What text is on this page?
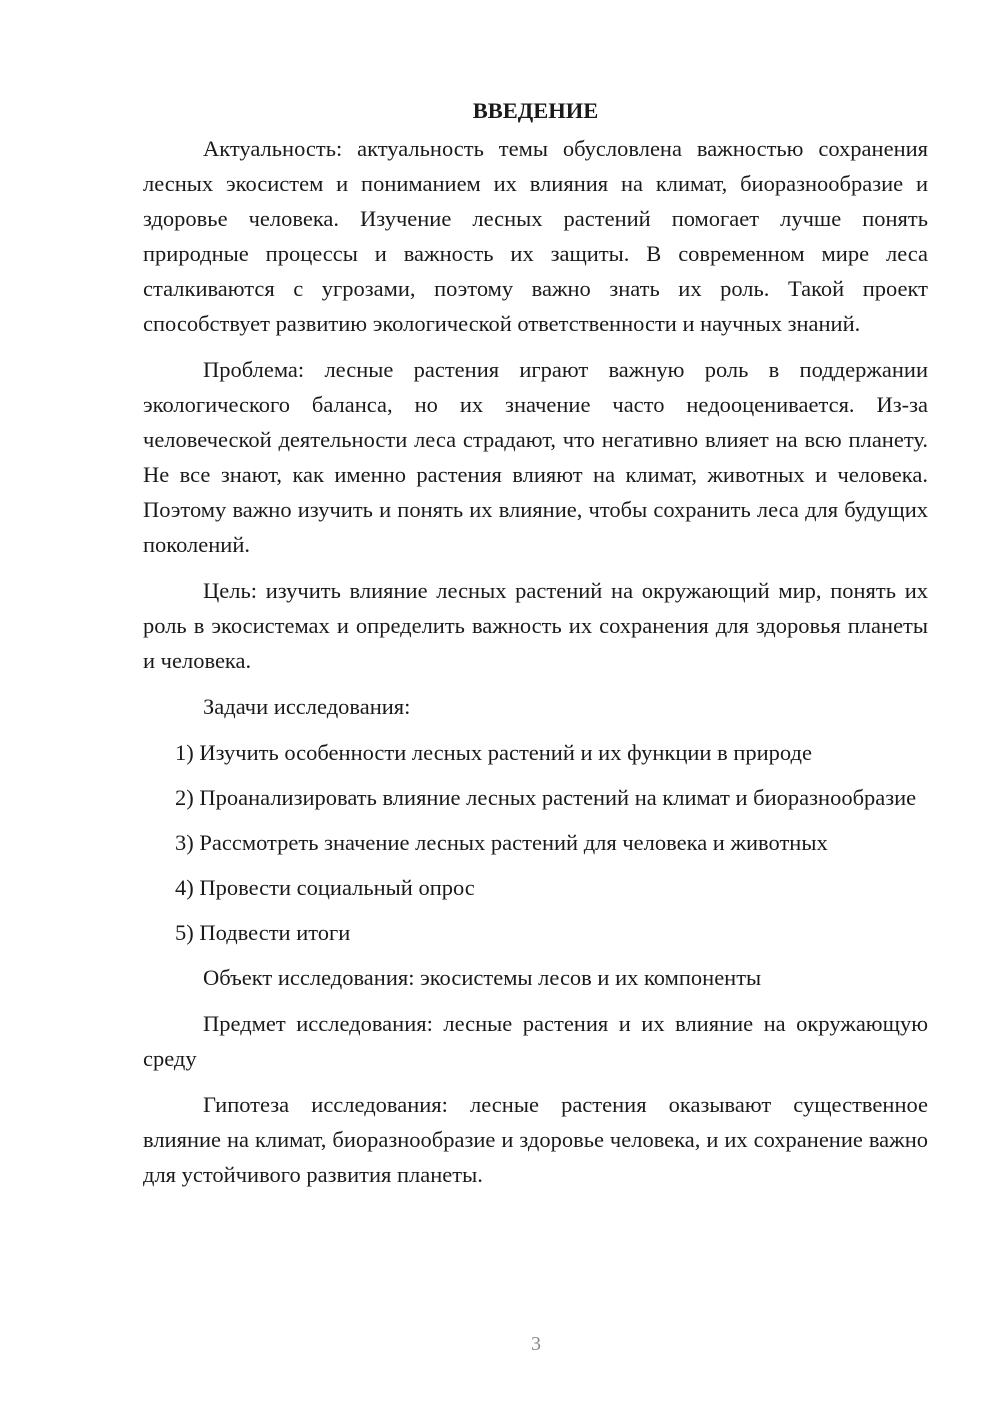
ВВЕДЕНИЕ

Актуальность: актуальность темы обусловлена важностью сохранения лесных экосистем и пониманием их влияния на климат, биоразнообразие и здоровье человека. Изучение лесных растений помогает лучше понять природные процессы и важность их защиты. В современном мире леса сталкиваются с угрозами, поэтому важно знать их роль. Такой проект способствует развитию экологической ответственности и научных знаний.

Проблема: лесные растения играют важную роль в поддержании экологического баланса, но их значение часто недооценивается. Из-за человеческой деятельности леса страдают, что негативно влияет на всю планету. Не все знают, как именно растения влияют на климат, животных и человека. Поэтому важно изучить и понять их влияние, чтобы сохранить леса для будущих поколений.

Цель: изучить влияние лесных растений на окружающий мир, понять их роль в экосистемах и определить важность их сохранения для здоровья планеты и человека.

Задачи исследования:

1) Изучить особенности лесных растений и их функции в природе

2) Проанализировать влияние лесных растений на климат и биоразнообразие

3) Рассмотреть значение лесных растений для человека и животных

4) Провести социальный опрос

5) Подвести итоги

Объект исследования: экосистемы лесов и их компоненты

Предмет исследования: лесные растения и их влияние на окружающую среду

Гипотеза исследования: лесные растения оказывают существенное влияние на климат, биоразнообразие и здоровье человека, и их сохранение важно для устойчивого развития планеты.

3
